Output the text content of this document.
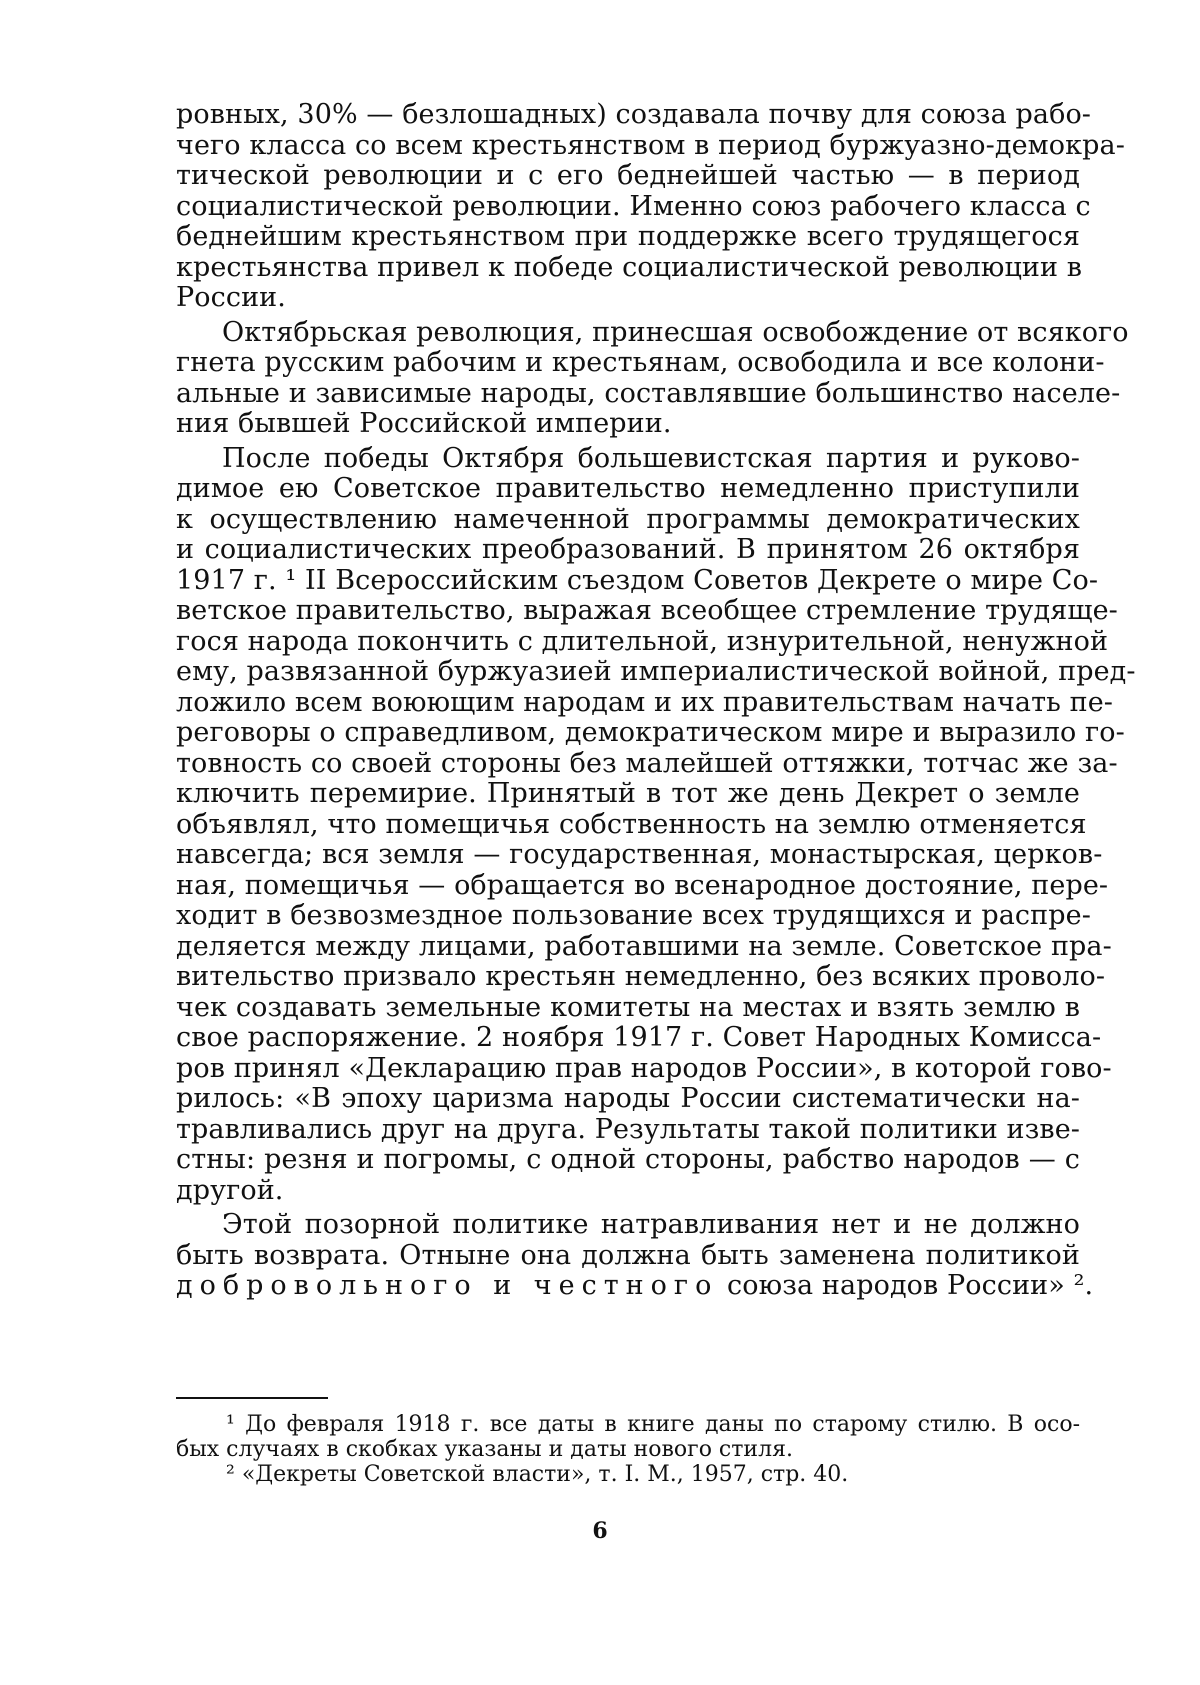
ровных, 30% — безлошадных) создавала почву для союза рабо-
чего класса со всем крестьянством в период буржуазно-демокра-
тической революции и с его беднейшей частью — в период
социалистической революции. Именно союз рабочего класса с
беднейшим крестьянством при поддержке всего трудящегося
крестьянства привел к победе социалистической революции в
России.
Октябрьская революция, принесшая освобождение от всякого
гнета русским рабочим и крестьянам, освободила и все колони-
альные и зависимые народы, составлявшие большинство населе-
ния бывшей Российской империи.
После победы Октября большевистская партия и руково-
димое ею Советское правительство немедленно приступили
к осуществлению намеченной программы демократических
и социалистических преобразований. В принятом 26 октября
1917 г. ¹ II Всероссийским съездом Советов Декрете о мире Со-
ветское правительство, выражая всеобщее стремление трудяще-
гося народа покончить с длительной, изнурительной, ненужной
ему, развязанной буржуазией империалистической войной, пред-
ложило всем воюющим народам и их правительствам начать пе-
реговоры о справедливом, демократическом мире и выразило го-
товность со своей стороны без малейшей оттяжки, тотчас же за-
ключить перемирие. Принятый в тот же день Декрет о земле
объявлял, что помещичья собственность на землю отменяется
навсегда; вся земля — государственная, монастырская, церков-
ная, помещичья — обращается во всенародное достояние, пере-
ходит в безвозмездное пользование всех трудящихся и распре-
деляется между лицами, работавшими на земле. Советское пра-
вительство призвало крестьян немедленно, без всяких проволо-
чек создавать земельные комитеты на местах и взять землю в
свое распоряжение. 2 ноября 1917 г. Совет Народных Комисса-
ров принял «Декларацию прав народов России», в которой гово-
рилось: «В эпоху царизма народы России систематически на-
травливались друг на друга. Результаты такой политики изве-
стны: резня и погромы, с одной стороны, рабство народов — с
другой.
Этой позорной политике натравливания нет и не должно
быть возврата. Отныне она должна быть заменена политикой
добровольного и честного союза народов России» ².
¹ До февраля 1918 г. все даты в книге даны по старому стилю. В осо-
бых случаях в скобках указаны и даты нового стиля.
² «Декреты Советской власти», т. I. М., 1957, стр. 40.
6
